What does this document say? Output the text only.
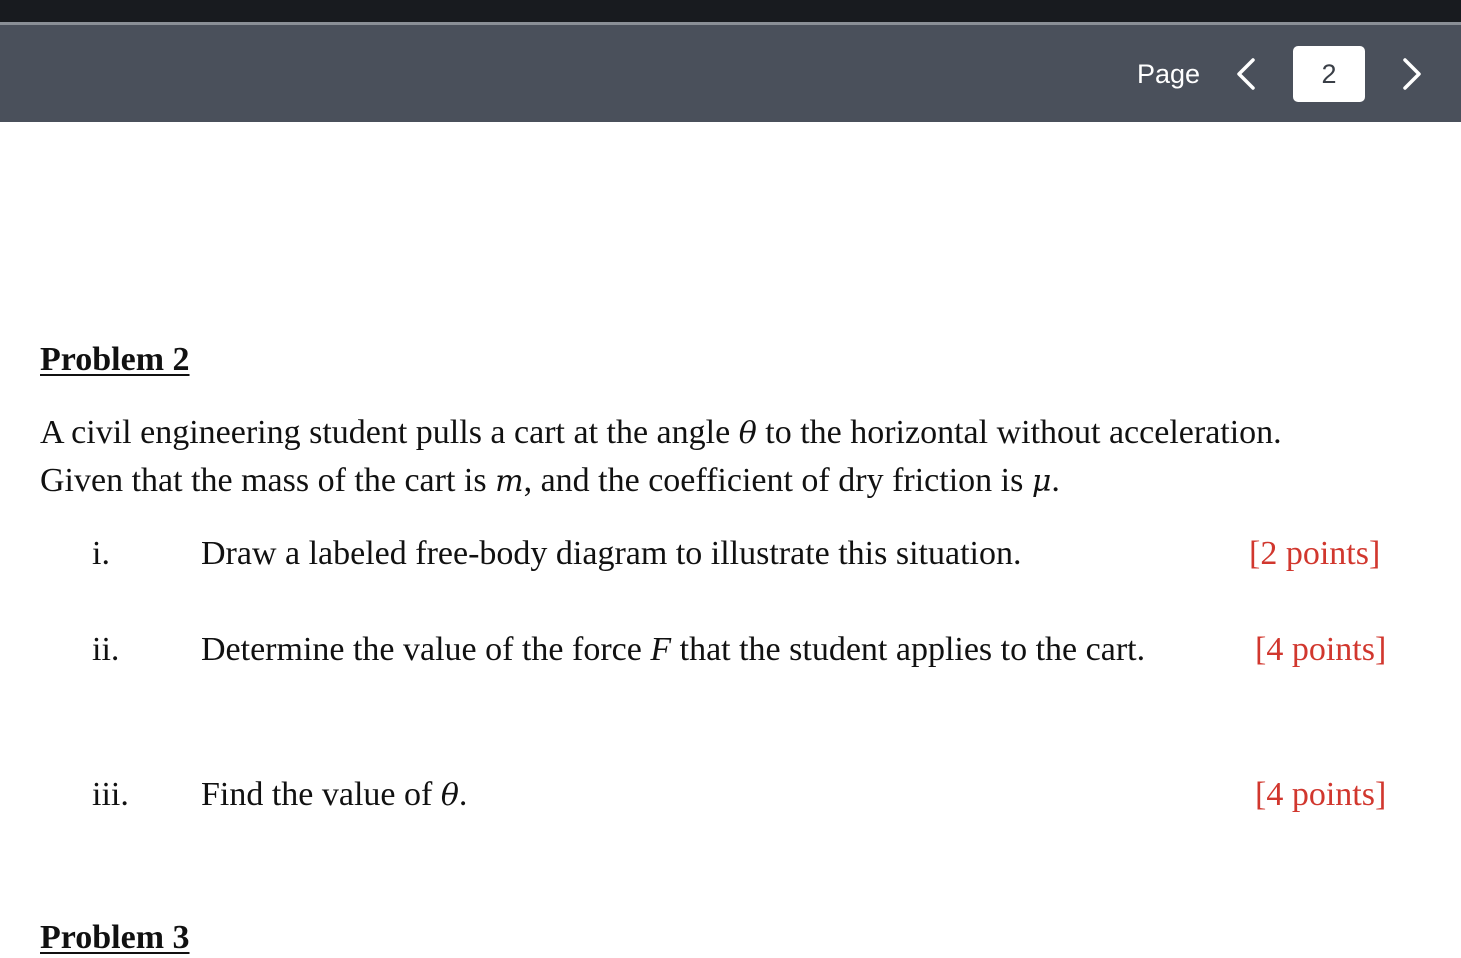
Page
2
Problem 2
A civil engineering student pulls a cart at the angle θ to the horizontal without acceleration.
Given that the mass of the cart is m, and the coefficient of dry friction is μ.
i.	Draw a labeled free-body diagram to illustrate this situation.	[2 points]
ii. Determine the value of the force F that the student applies to the cart.	[4 points]
iii. Find the value of θ.	[4 points]
Problem 3
